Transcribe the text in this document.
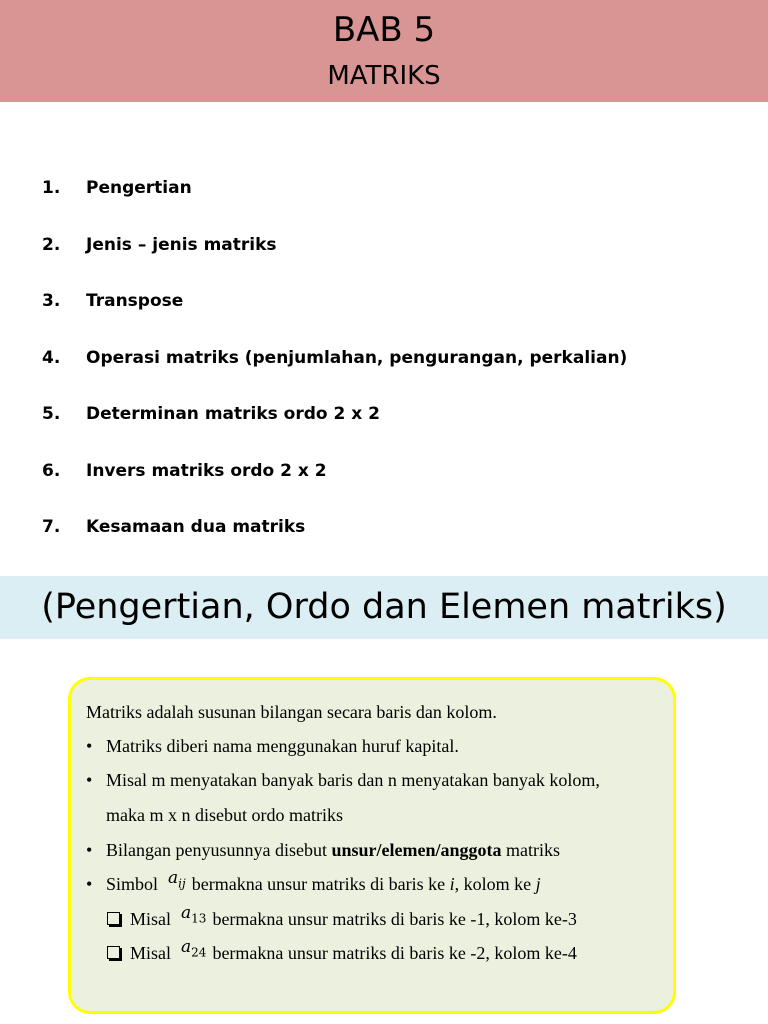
BAB 5
MATRIKS
1. Pengertian
2. Jenis – jenis matriks
3. Transpose
4. Operasi matriks (penjumlahan, pengurangan, perkalian)
5. Determinan matriks ordo 2 x 2
6. Invers matriks ordo 2 x 2
7. Kesamaan dua matriks
(Pengertian, Ordo dan Elemen matriks)
Matriks adalah susunan bilangan secara baris dan kolom.
• Matriks diberi nama menggunakan huruf kapital.
• Misal m menyatakan banyak baris dan n menyatakan banyak kolom,
maka m x n disebut ordo matriks
• Bilangan penyusunnya disebut unsur/elemen/anggota matriks
• Simbol $a_{ij}$ bermakna unsur matriks di baris ke i, kolom ke j
Misal $a_{13}$ bermakna unsur matriks di baris ke -1, kolom ke-3
Misal $a_{24}$ bermakna unsur matriks di baris ke -2, kolom ke-4
